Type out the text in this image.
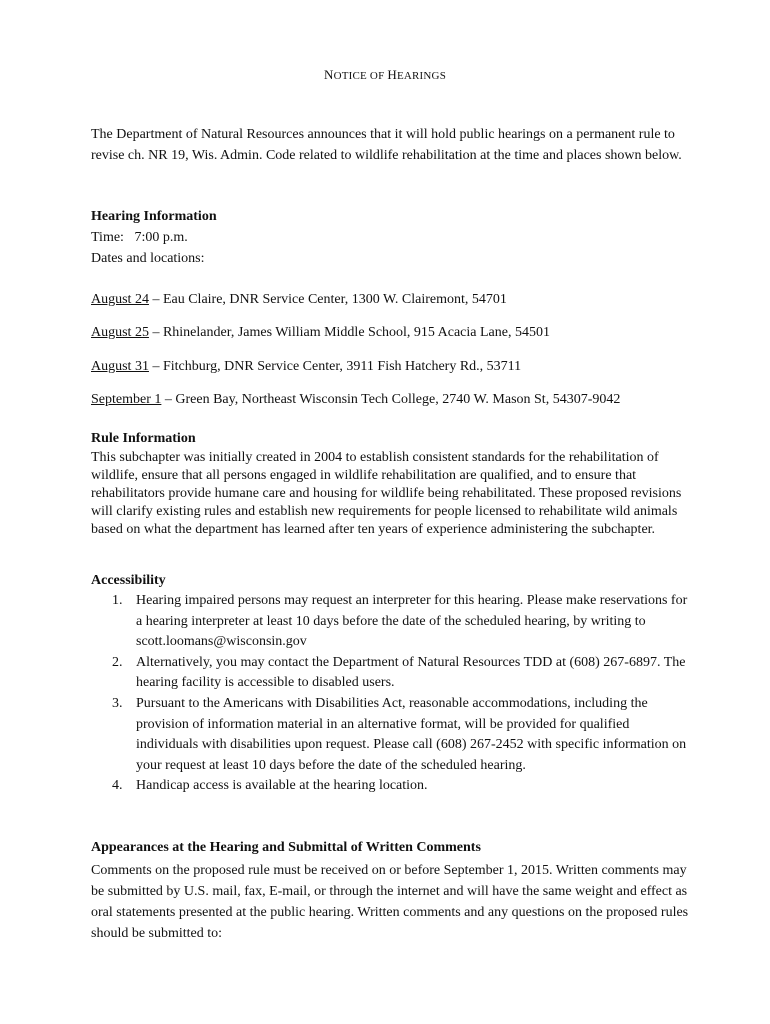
NOTICE OF HEARINGS
The Department of Natural Resources announces that it will hold public hearings on a permanent rule to revise ch. NR 19, Wis. Admin. Code related to wildlife rehabilitation at the time and places shown below.
Hearing Information
Time:   7:00 p.m.
Dates and locations:
August 24 – Eau Claire, DNR Service Center, 1300 W. Clairemont, 54701
August 25 – Rhinelander, James William Middle School, 915 Acacia Lane, 54501
August 31 – Fitchburg, DNR Service Center, 3911 Fish Hatchery Rd., 53711
September 1 – Green Bay, Northeast Wisconsin Tech College, 2740 W. Mason St, 54307-9042
Rule Information
This subchapter was initially created in 2004 to establish consistent standards for the rehabilitation of wildlife, ensure that all persons engaged in wildlife rehabilitation are qualified, and to ensure that rehabilitators provide humane care and housing for wildlife being rehabilitated. These proposed revisions will clarify existing rules and establish new requirements for people licensed to rehabilitate wild animals based on what the department has learned after ten years of experience administering the subchapter.
Accessibility
1. Hearing impaired persons may request an interpreter for this hearing. Please make reservations for a hearing interpreter at least 10 days before the date of the scheduled hearing, by writing to scott.loomans@wisconsin.gov
2. Alternatively, you may contact the Department of Natural Resources TDD at (608) 267-6897. The hearing facility is accessible to disabled users.
3. Pursuant to the Americans with Disabilities Act, reasonable accommodations, including the provision of information material in an alternative format, will be provided for qualified individuals with disabilities upon request. Please call (608) 267-2452 with specific information on your request at least 10 days before the date of the scheduled hearing.
4. Handicap access is available at the hearing location.
Appearances at the Hearing and Submittal of Written Comments
Comments on the proposed rule must be received on or before September 1, 2015. Written comments may be submitted by U.S. mail, fax, E-mail, or through the internet and will have the same weight and effect as oral statements presented at the public hearing. Written comments and any questions on the proposed rules should be submitted to:
